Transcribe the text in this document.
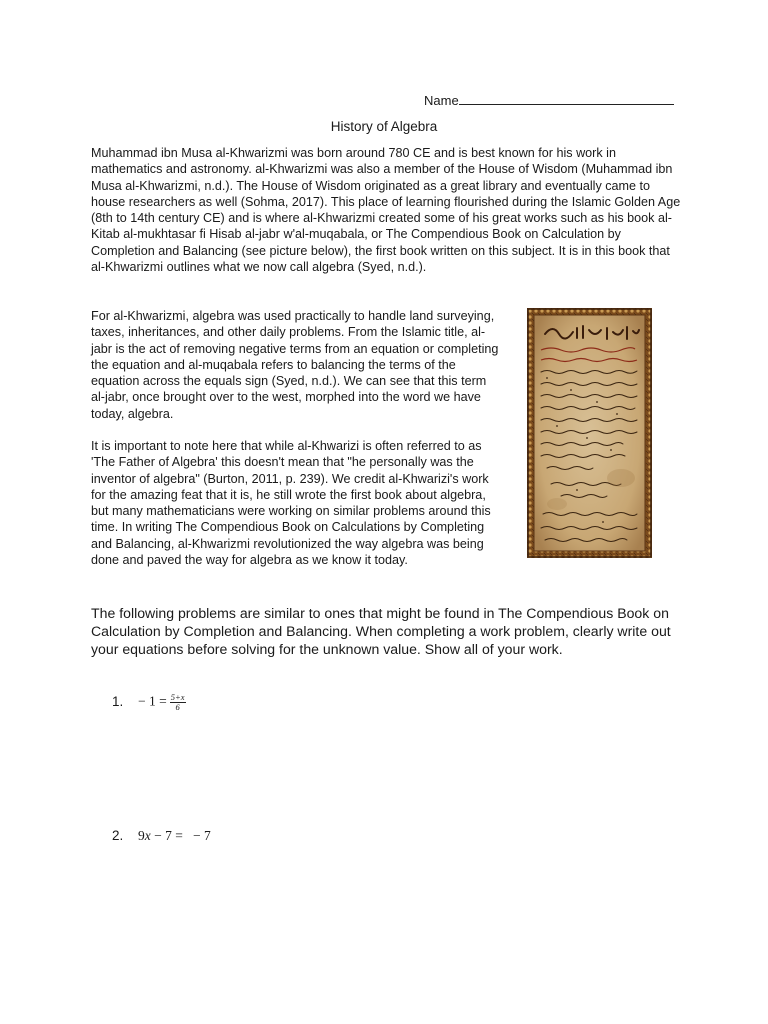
Name
History of Algebra

Muhammad ibn Musa al-Khwarizmi was born around 780 CE and is best known for his work in mathematics and astronomy. al-Khwarizmi was also a member of the House of Wisdom (Muhammad ibn Musa al-Khwarizmi, n.d.). The House of Wisdom originated as a great library and eventually came to house researchers as well (Sohma, 2017). This place of learning flourished during the Islamic Golden Age (8th to 14th century CE) and is where al-Khwarizmi created some of his great works such as his book al-Kitab al-mukhtasar fi Hisab al-jabr w'al-muqabala, or The Compendious Book on Calculation by Completion and Balancing (see picture below), the first book written on this subject. It is in this book that al-Khwarizmi outlines what we now call algebra (Syed, n.d.).

For al-Khwarizmi, algebra was used practically to handle land surveying, taxes, inheritances, and other daily problems. From the Islamic title, al-jabr is the act of removing negative terms from an equation or completing the equation and al-muqabala refers to balancing the terms of the equation across the equals sign (Syed, n.d.). We can see that this term al-jabr, once brought over to the west, morphed into the word we have today, algebra.

It is important to note here that while al-Khwarizi is often referred to as 'The Father of Algebra' this doesn't mean that "he personally was the inventor of algebra" (Burton, 2011, p. 239). We credit al-Khwarizi's work for the amazing feat that it is, he still wrote the first book about algebra, but many mathematicians were working on similar problems around this time. In writing The Compendious Book on Calculations by Completing and Balancing, al-Khwarizmi revolutionized the way algebra was being done and paved the way for algebra as we know it today.

The following problems are similar to ones that might be found in The Compendious Book on Calculation by Completion and Balancing. When completing a work problem, clearly write out your equations before solving for the unknown value. Show all of your work.

1. − $1 = \frac{5+x}{6}$
2. 9x − 7 =   − 7
